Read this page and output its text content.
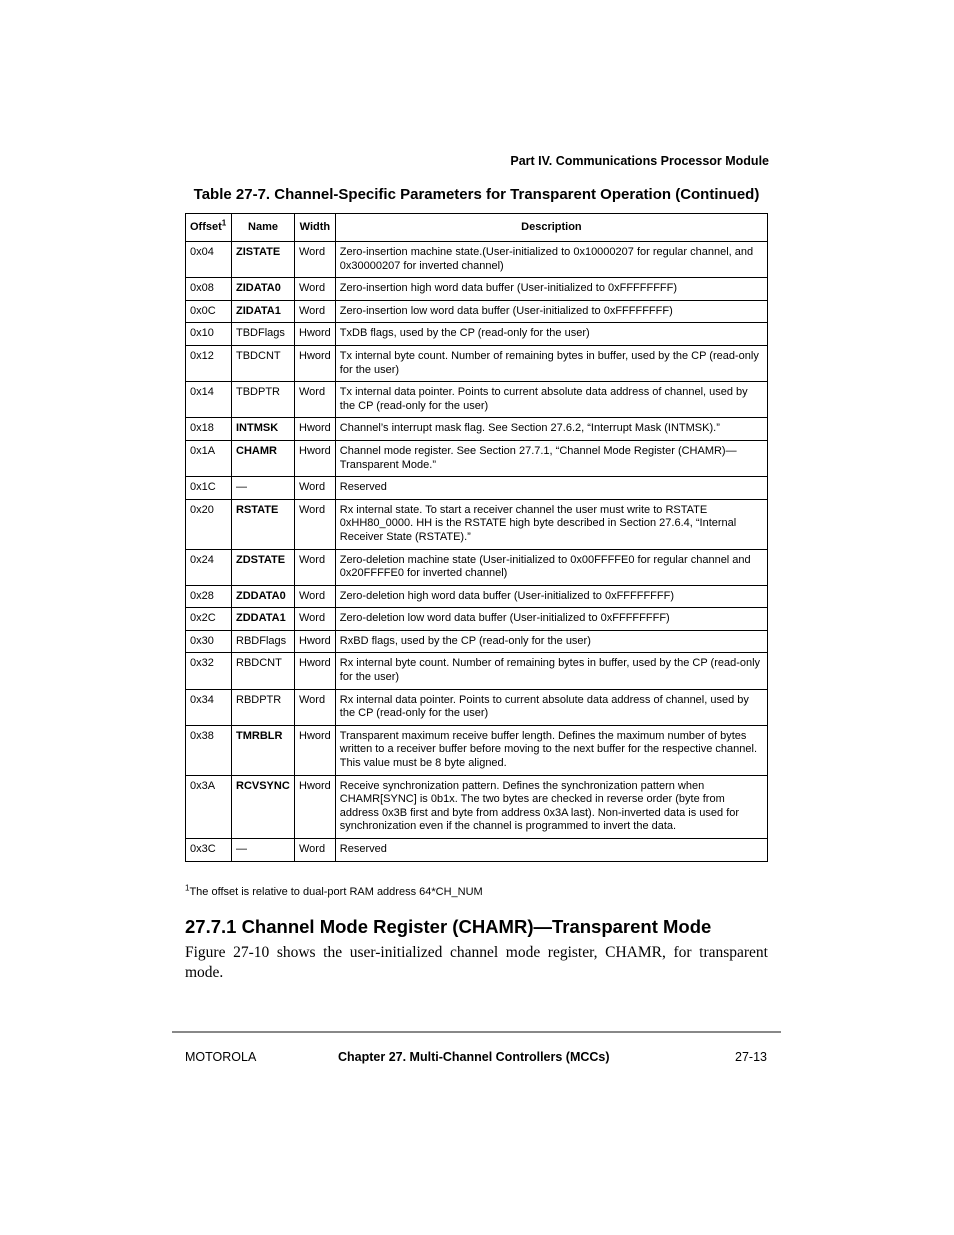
Part IV. Communications Processor Module
Table 27-7. Channel-Specific Parameters for Transparent Operation (Continued)
Offset$^1$	Name	Width	Description
0x04	ZISTATE	Word	Zero-insertion machine state.(User-initialized to 0x10000207 for regular channel, and 0x30000207 for inverted channel)
0x08	ZIDATA0	Word	Zero-insertion high word data buffer (User-initialized to 0xFFFFFFFF)
0x0C	ZIDATA1	Word	Zero-insertion low word data buffer (User-initialized to 0xFFFFFFFF)
0x10	TBDFlags	Hword	TxDB flags, used by the CP (read-only for the user)
0x12	TBDCNT	Hword	Tx internal byte count. Number of remaining bytes in buffer, used by the CP (read-only for the user)
0x14	TBDPTR	Word	Tx internal data pointer. Points to current absolute data address of channel, used by the CP (read-only for the user)
0x18	INTMSK	Hword	Channel’s interrupt mask flag. See Section 27.6.2, “Interrupt Mask (INTMSK).”
0x1A	CHAMR	Hword	Channel mode register. See Section 27.7.1, “Channel Mode Register (CHAMR)—Transparent Mode.”
0x1C	—	Word	Reserved
0x20	RSTATE	Word	Rx internal state. To start a receiver channel the user must write to RSTATE 0xHH80_0000. HH is the RSTATE high byte described in Section 27.6.4, “Internal Receiver State (RSTATE).”
0x24	ZDSTATE	Word	Zero-deletion machine state (User-initialized to 0x00FFFFE0 for regular channel and 0x20FFFFE0 for inverted channel)
0x28	ZDDATA0	Word	Zero-deletion high word data buffer (User-initialized to 0xFFFFFFFF)
0x2C	ZDDATA1	Word	Zero-deletion low word data buffer (User-initialized to 0xFFFFFFFF)
0x30	RBDFlags	Hword	RxBD flags, used by the CP (read-only for the user)
0x32	RBDCNT	Hword	Rx internal byte count. Number of remaining bytes in buffer, used by the CP (read-only for the user)
0x34	RBDPTR	Word	Rx internal data pointer. Points to current absolute data address of channel, used by the CP (read-only for the user)
0x38	TMRBLR	Hword	Transparent maximum receive buffer length. Defines the maximum number of bytes written to a receiver buffer before moving to the next buffer for the respective channel. This value must be 8 byte aligned.
0x3A	RCVSYNC	Hword	Receive synchronization pattern. Defines the synchronization pattern when CHAMR[SYNC] is 0b1x. The two bytes are checked in reverse order (byte from address 0x3B first and byte from address 0x3A last). Non-inverted data is used for synchronization even if the channel is programmed to invert the data.
0x3C	—	Word	Reserved
$^1$The offset is relative to dual-port RAM address 64*CH_NUM
27.7.1 Channel Mode Register (CHAMR)—Transparent Mode
Figure 27-10 shows the user-initialized channel mode register, CHAMR, for transparent mode.
MOTOROLA	Chapter 27. Multi-Channel Controllers (MCCs)	27-13
